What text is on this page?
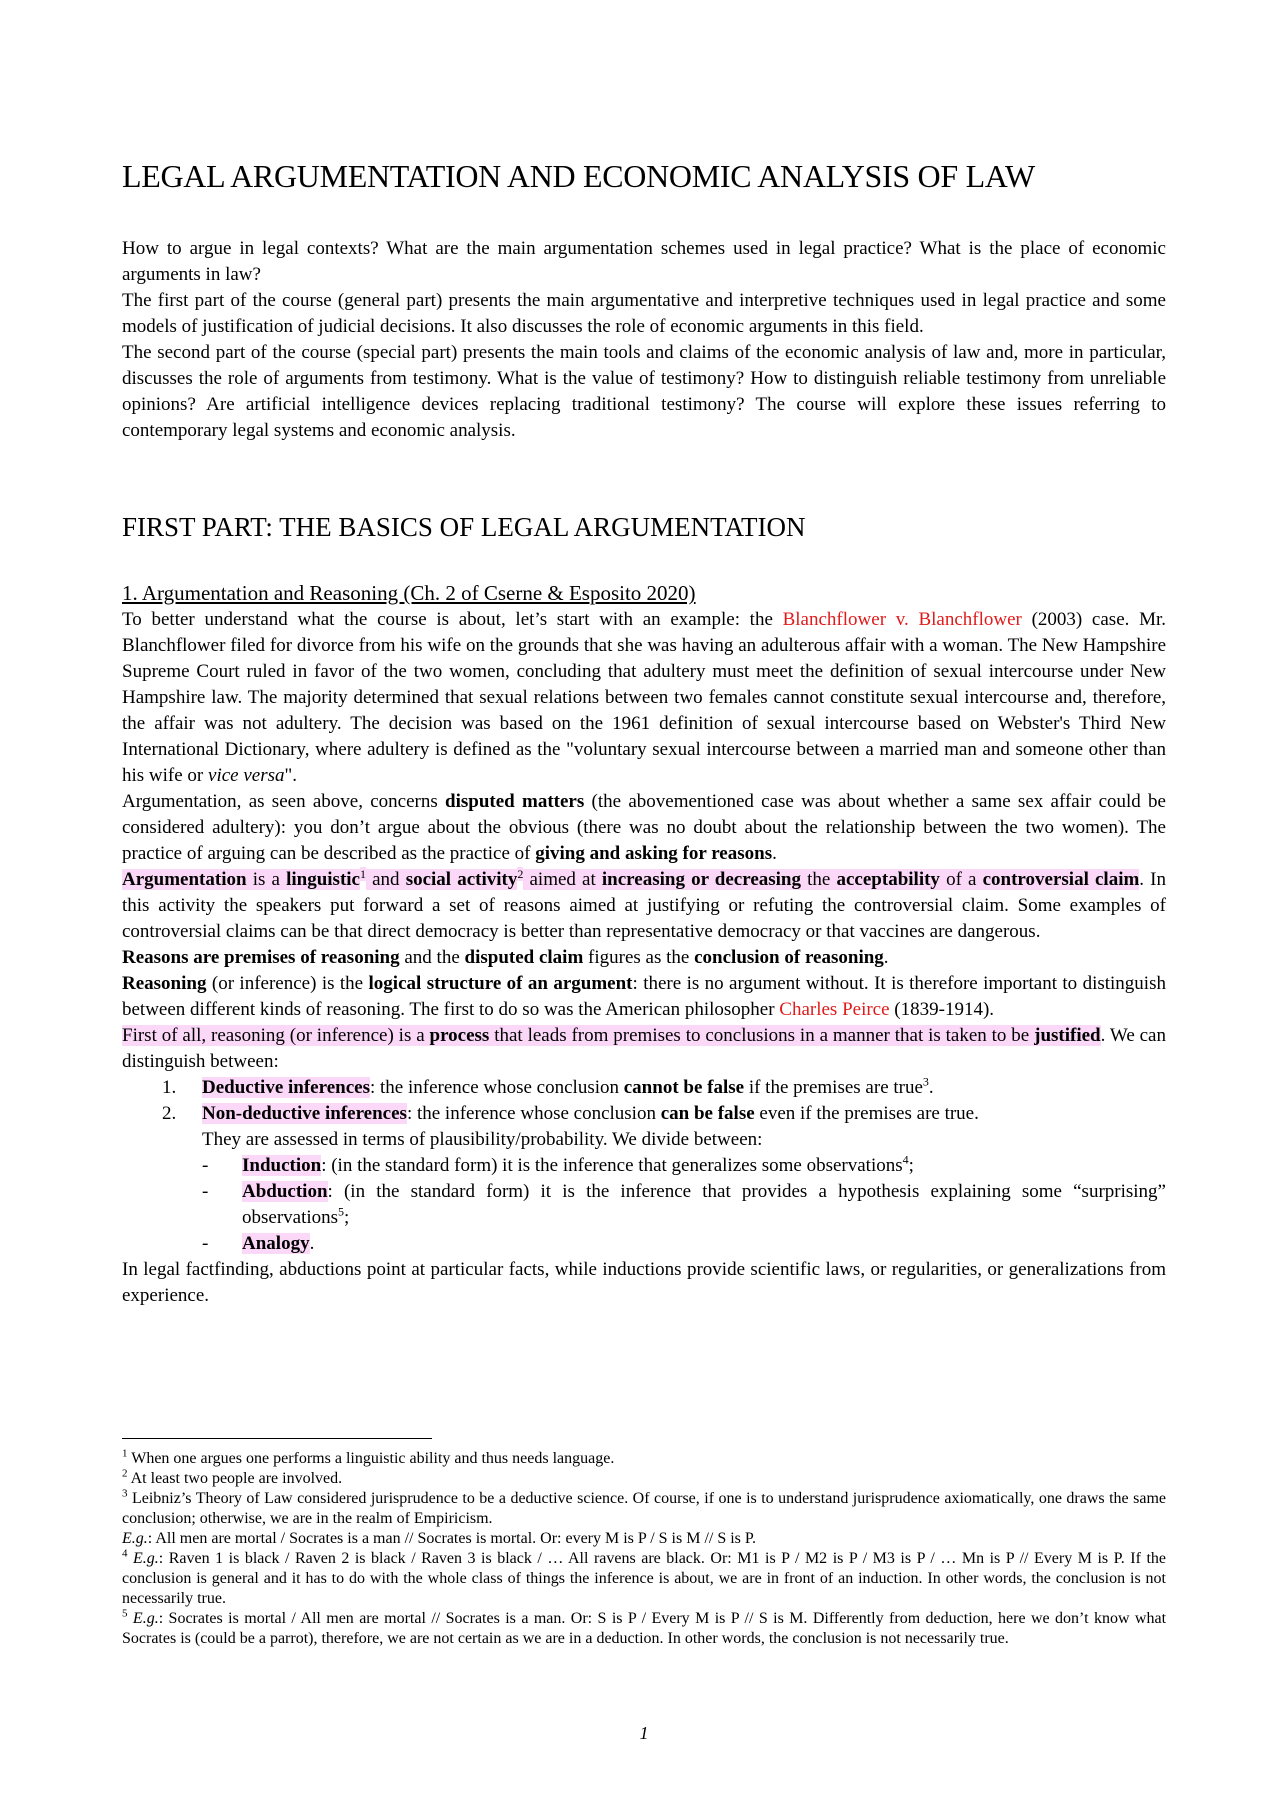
LEGAL ARGUMENTATION AND ECONOMIC ANALYSIS OF LAW

How to argue in legal contexts? What are the main argumentation schemes used in legal practice? What is the place of economic arguments in law?

The first part of the course (general part) presents the main argumentative and interpretive techniques used in legal practice and some models of justification of judicial decisions. It also discusses the role of economic arguments in this field.

The second part of the course (special part) presents the main tools and claims of the economic analysis of law and, more in particular, discusses the role of arguments from testimony. What is the value of testimony? How to distinguish reliable testimony from unreliable opinions? Are artificial intelligence devices replacing traditional testimony? The course will explore these issues referring to contemporary legal systems and economic analysis.

FIRST PART: THE BASICS OF LEGAL ARGUMENTATION

1. Argumentation and Reasoning (Ch. 2 of Cserne & Esposito 2020)

To better understand what the course is about, let’s start with an example: the Blanchflower v. Blanchflower (2003) case. Mr. Blanchflower filed for divorce from his wife on the grounds that she was having an adulterous affair with a woman. The New Hampshire Supreme Court ruled in favor of the two women, concluding that adultery must meet the definition of sexual intercourse under New Hampshire law. The majority determined that sexual relations between two females cannot constitute sexual intercourse and, therefore, the affair was not adultery. The decision was based on the 1961 definition of sexual intercourse based on Webster's Third New International Dictionary, where adultery is defined as the "voluntary sexual intercourse between a married man and someone other than his wife or vice versa".

Argumentation, as seen above, concerns disputed matters (the abovementioned case was about whether a same sex affair could be considered adultery): you don’t argue about the obvious (there was no doubt about the relationship between the two women). The practice of arguing can be described as the practice of giving and asking for reasons.

Argumentation is a linguistic$^1$ and social activity$^2$ aimed at increasing or decreasing the acceptability of a controversial claim. In this activity the speakers put forward a set of reasons aimed at justifying or refuting the controversial claim. Some examples of controversial claims can be that direct democracy is better than representative democracy or that vaccines are dangerous.

Reasons are premises of reasoning and the disputed claim figures as the conclusion of reasoning.

Reasoning (or inference) is the logical structure of an argument: there is no argument without. It is therefore important to distinguish between different kinds of reasoning. The first to do so was the American philosopher Charles Peirce (1839-1914).

First of all, reasoning (or inference) is a process that leads from premises to conclusions in a manner that is taken to be justified. We can distinguish between:

1. Deductive inferences: the inference whose conclusion cannot be false if the premises are true$^3$.
2. Non-deductive inferences: the inference whose conclusion can be false even if the premises are true.
They are assessed in terms of plausibility/probability. We divide between:
- Induction: (in the standard form) it is the inference that generalizes some observations$^4$;
- Abduction: (in the standard form) it is the inference that provides a hypothesis explaining some “surprising” observations$^5$;
- Analogy.

In legal factfinding, abductions point at particular facts, while inductions provide scientific laws, or regularities, or generalizations from experience.

$^1$ When one argues one performs a linguistic ability and thus needs language.

$^2$ At least two people are involved.

$^3$ Leibniz’s Theory of Law considered jurisprudence to be a deductive science. Of course, if one is to understand jurisprudence axiomatically, one draws the same conclusion; otherwise, we are in the realm of Empiricism.

E.g.: All men are mortal / Socrates is a man // Socrates is mortal. Or: every M is P / S is M // S is P.

$^4$ E.g.: Raven 1 is black / Raven 2 is black / Raven 3 is black / … All ravens are black. Or: M1 is P / M2 is P / M3 is P / … Mn is P // Every M is P. If the conclusion is general and it has to do with the whole class of things the inference is about, we are in front of an induction. In other words, the conclusion is not necessarily true.

$^5$ E.g.: Socrates is mortal / All men are mortal // Socrates is a man. Or: S is P / Every M is P // S is M. Differently from deduction, here we don’t know what Socrates is (could be a parrot), therefore, we are not certain as we are in a deduction. In other words, the conclusion is not necessarily true.

1
